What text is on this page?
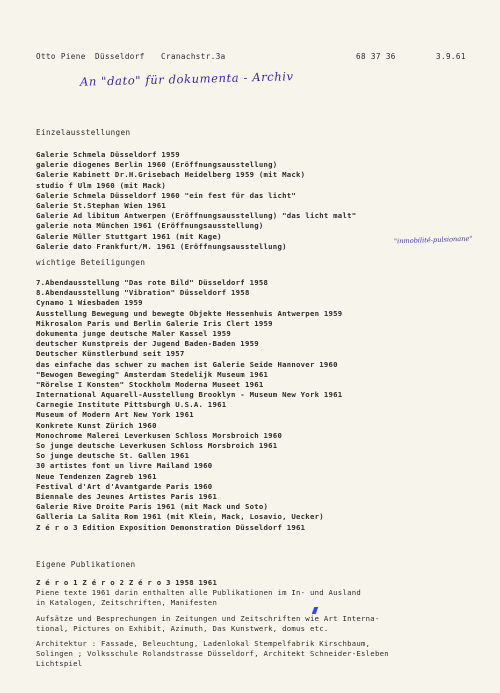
Otto Piene Düsseldorf Cranachstr.3a	68 37 36	3.9.61
An "dato" für dokumenta - Archiv
Einzelausstellungen
Galerie Schmela Düsseldorf 1959
galerie diogenes Berlin 1960 (Eröffnungsausstellung)
Galerie Kabinett Dr.H.Grisebach Heidelberg 1959 (mit Mack)
studio f Ulm 1960 (mit Mack)
Galerie Schmela Düsseldorf 1960 "ein fest für das licht"
Galerie St.Stephan Wien 1961
Galerie Ad libitum Antwerpen (Eröffnungsausstellung) "das licht malt"
galerie nota München 1961 (Eröffnungsausstellung)
Galerie Müller Stuttgart 1961 (mit Kage)
Galerie dato Frankfurt/M. 1961 (Eröffnungsausstellung)
"inmobilité-pulsionane"
wichtige Beteiligungen
7.Abendausstellung "Das rote Bild" Düsseldorf 1958
8.Abendausstellung "Vibration" Düsseldorf 1958
Cynamo 1 Wiesbaden 1959
Ausstellung Bewegung und bewegte Objekte Hessenhuis Antwerpen 1959
Mikrosalon Paris und Berlin Galerie Iris Clert 1959
dokumenta junge deutsche Maler Kassel 1959
deutscher Kunstpreis der Jugend Baden-Baden 1959
Deutscher Künstlerbund seit 1957
das einfache das schwer zu machen ist Galerie Seide Hannover 1960
"Bewogen Beweging" Amsterdam Stedelijk Museum 1961
"Rörelse I Konsten" Stockholm Moderna Museet 1961
International Aquarell-Ausstellung Brooklyn - Museum New York 1961
Carnegie Institute Pittsburgh U.S.A. 1961
Museum of Modern Art New York 1961
Konkrete Kunst Zürich 1960
Monochrome Malerei Leverkusen Schloss Morsbroich 1960
So junge deutsche Leverkusen Schloss Morsbroich 1961
So junge deutsche St. Gallen 1961
30 artistes font un livre Mailand 1960
Neue Tendenzen Zagreb 1961
Festival d'Art d'Avantgarde Paris 1960
Biennale des Jeunes Artistes Paris 1961
Galerie Rive Droite Paris 1961 (mit Mack und Soto)
Galleria La Salita Rom 1961 (mit Klein, Mack, Losavio, Uecker)
Z é r o 3 Edition Exposition Demonstration Düsseldorf 1961
Eigene Publikationen
Z é r o 1 Z é r o 2 Z é r o 3 1958 1961
Piene texte 1961 darin enthalten alle Publikationen im In- und Ausland
in Katalogen, Zeitschriften, Manifesten
Aufsätze und Besprechungen in Zeitungen und Zeitschriften wie Art Interna-
tional, Pictures on Exhibit, Azimuth, Das Kunstwerk, domus etc.
Architektur : Fassade, Beleuchtung, Ladenlokal Stempelfabrik Kirschbaum,
Solingen ; Volksschule Rolandstrasse Düsseldorf, Architekt Schneider-Esleben
Lichtspiel
